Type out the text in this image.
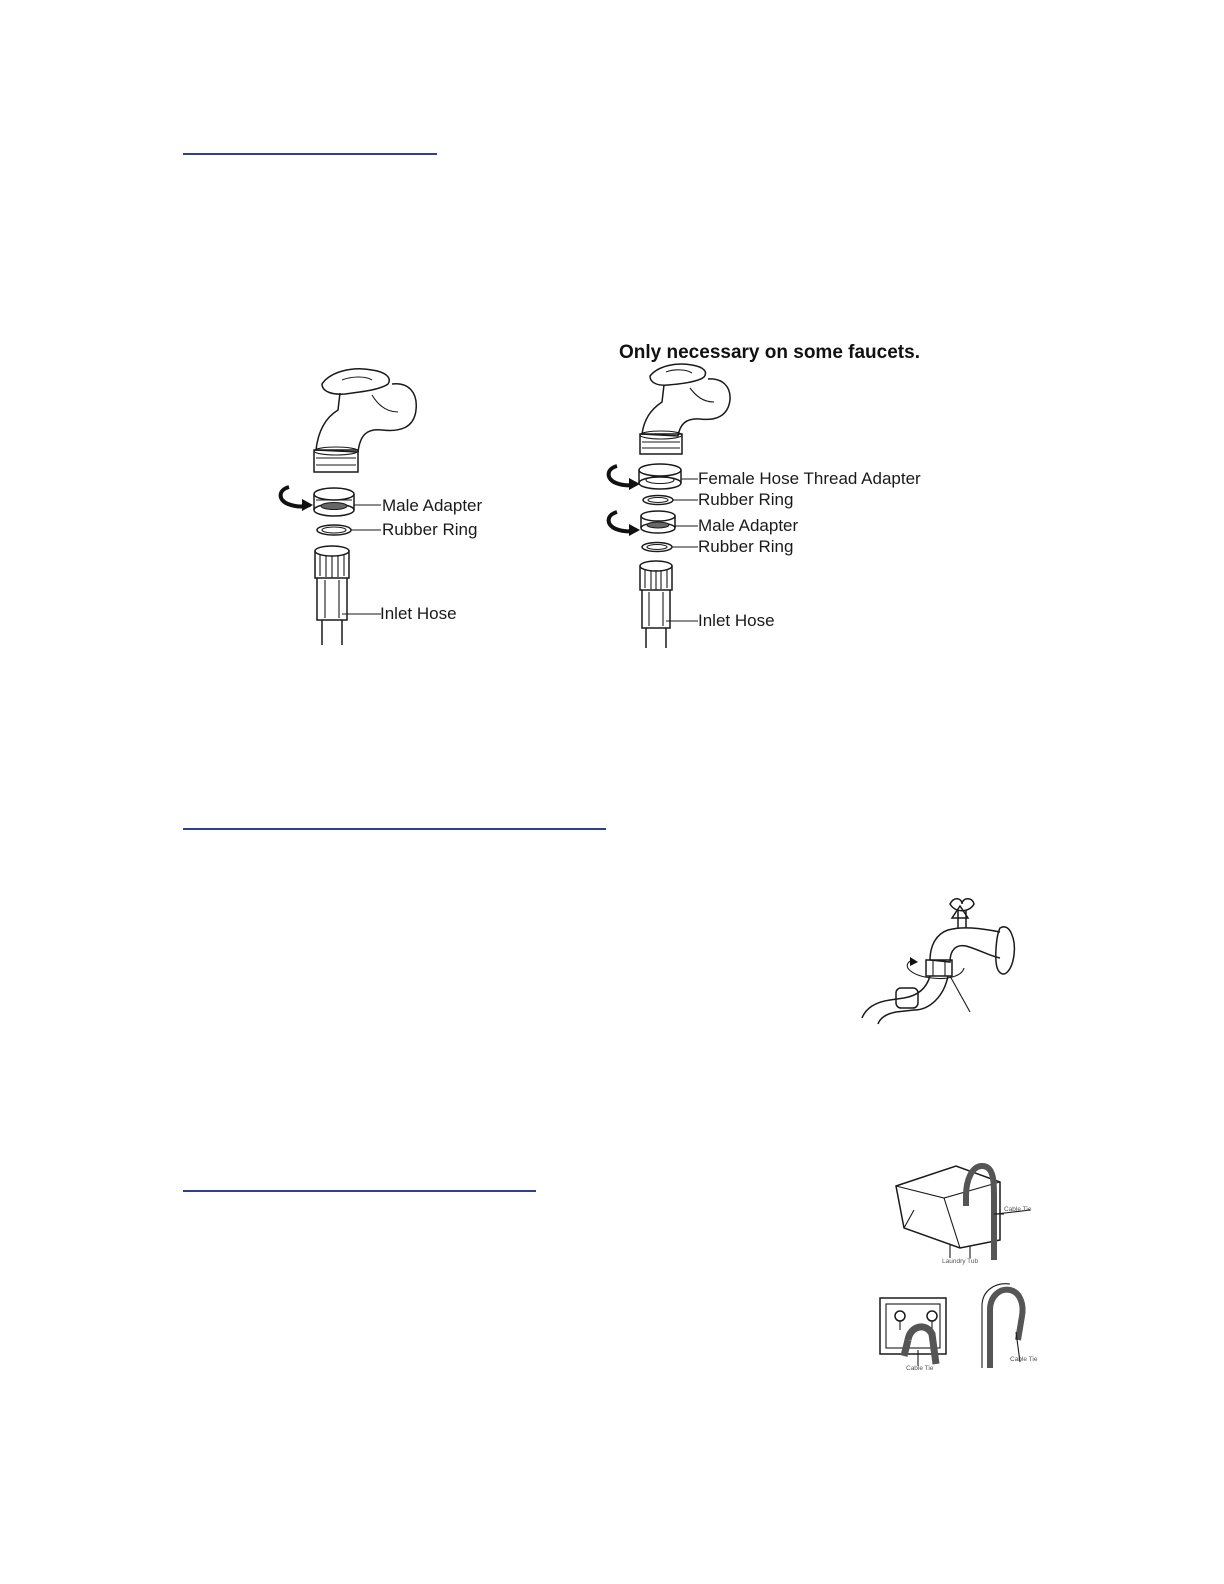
Male Adapter
Rubber Ring
Inlet Hose
Only necessary on some faucets.
Female Hose Thread Adapter
Rubber Ring
Male Adapter
Rubber Ring
Inlet Hose
Cable Tie
Laundry Tub
Cable Tie
Cable Tie
